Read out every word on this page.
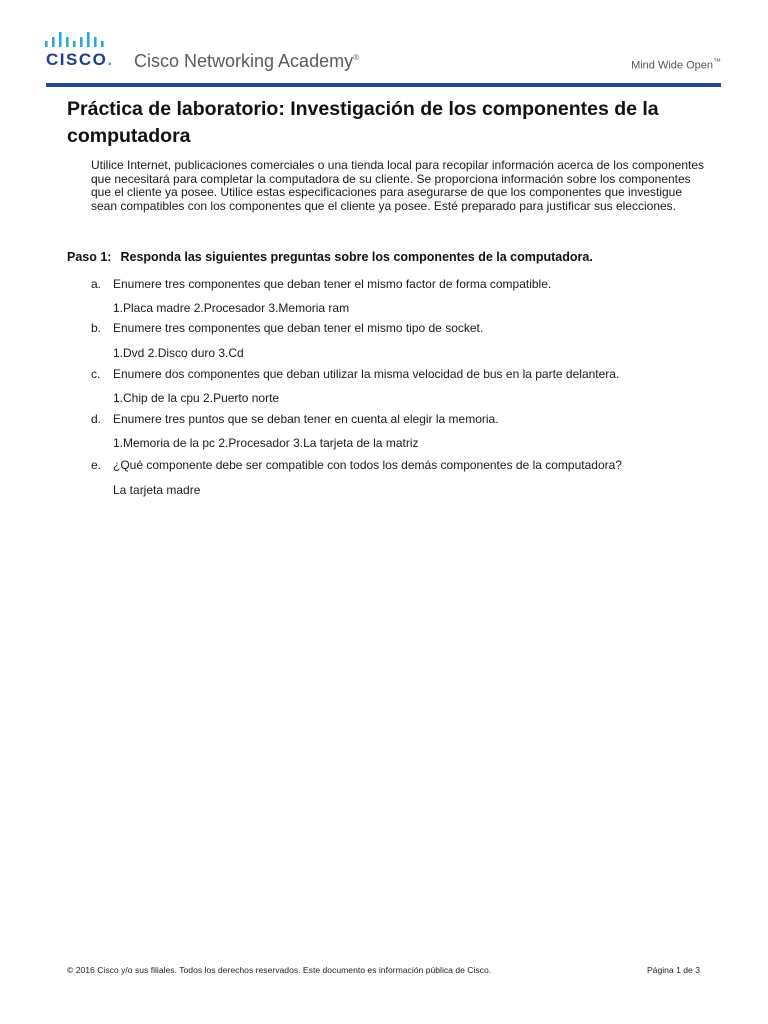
CISCO. Cisco Networking Academy®
Mind Wide Open™
Práctica de laboratorio: Investigación de los componentes de la computadora
Utilice Internet, publicaciones comerciales o una tienda local para recopilar información acerca de los componentes que necesitará para completar la computadora de su cliente. Se proporciona información sobre los componentes que el cliente ya posee. Utilice estas especificaciones para asegurarse de que los componentes que investigue sean compatibles con los componentes que el cliente ya posee. Esté preparado para justificar sus elecciones.
Paso 1: Responda las siguientes preguntas sobre los componentes de la computadora.
a. Enumere tres componentes que deban tener el mismo factor de forma compatible.
1.Placa madre 2.Procesador 3.Memoria ram
b. Enumere tres componentes que deban tener el mismo tipo de socket.
1.Dvd 2.Disco duro 3.Cd
c.	Enumere dos componentes que deban utilizar la misma velocidad de bus en la parte delantera.
1.Chip de la cpu 2.Puerto norte
d. Enumere tres puntos que se deban tener en cuenta al elegir la memoria.
1.Memoria de la pc 2.Procesador 3.La tarjeta de la matriz
e. ¿Qué componente debe ser compatible con todos los demás componentes de la computadora?
La tarjeta madre
© 2016 Cisco y/o sus filiales. Todos los derechos reservados. Este documento es información pública de Cisco.	Página 1 de 3
